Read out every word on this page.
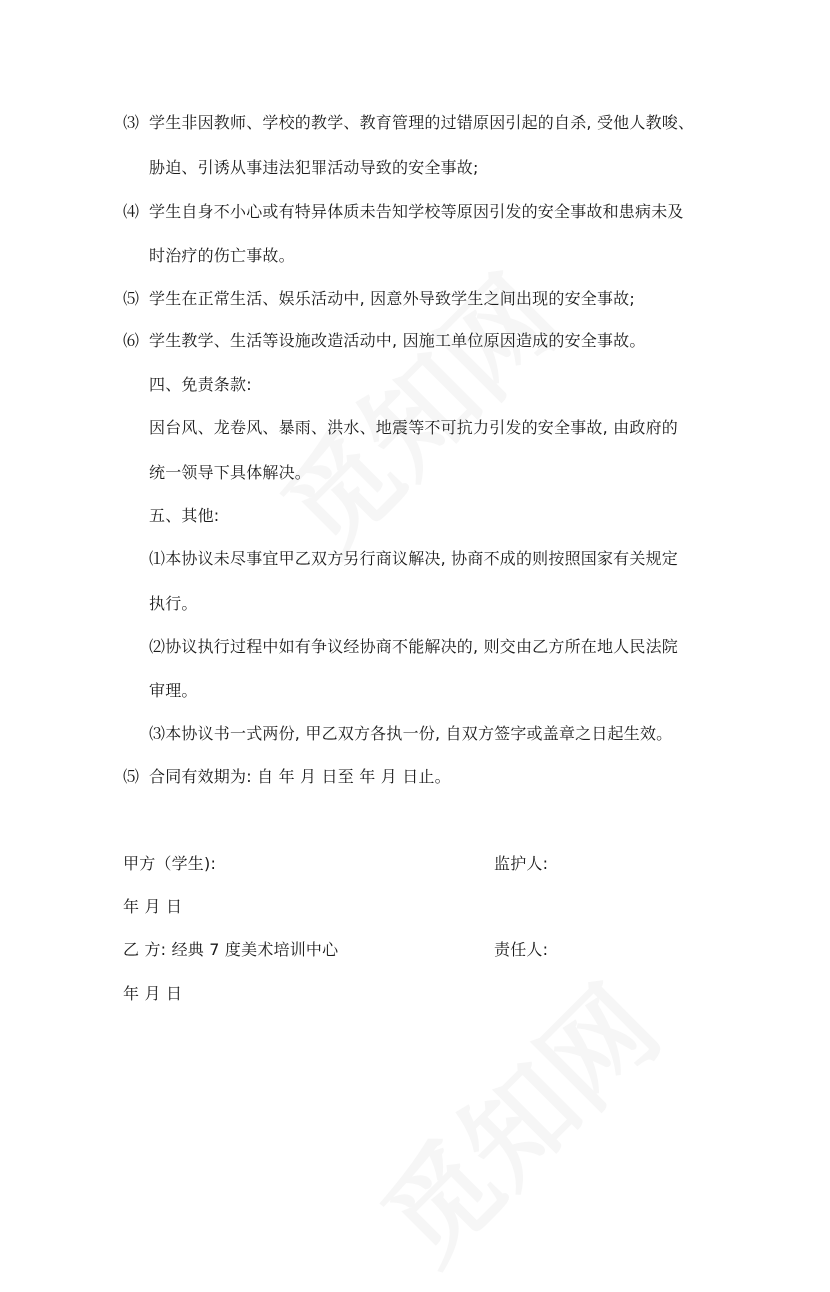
⑶ 学生非因教师、学校的教学、教育管理的过错原因引起的自杀, 受他人教唆、
胁迫、引诱从事违法犯罪活动导致的安全事故;
⑷ 学生自身不小心或有特异体质未告知学校等原因引发的安全事故和患病未及
时治疗的伤亡事故。
⑸ 学生在正常生活、娱乐活动中, 因意外导致学生之间出现的安全事故;
⑹ 学生教学、生活等设施改造活动中, 因施工单位原因造成的安全事故。
四、免责条款:
因台风、龙卷风、暴雨、洪水、地震等不可抗力引发的安全事故, 由政府的
统一领导下具体解决。
五、其他:
⑴本协议未尽事宜甲乙双方另行商议解决, 协商不成的则按照国家有关规定
执行。
⑵协议执行过程中如有争议经协商不能解决的, 则交由乙方所在地人民法院
审理。
⑶本协议书一式两份, 甲乙双方各执一份, 自双方签字或盖章之日起生效。
⑸ 合同有效期为: 自 年 月 日至 年 月 日止。
甲方（学生):	监护人:
年 月 日
乙 方: 经典 7 度美术培训中心	责任人:
年 月 日
